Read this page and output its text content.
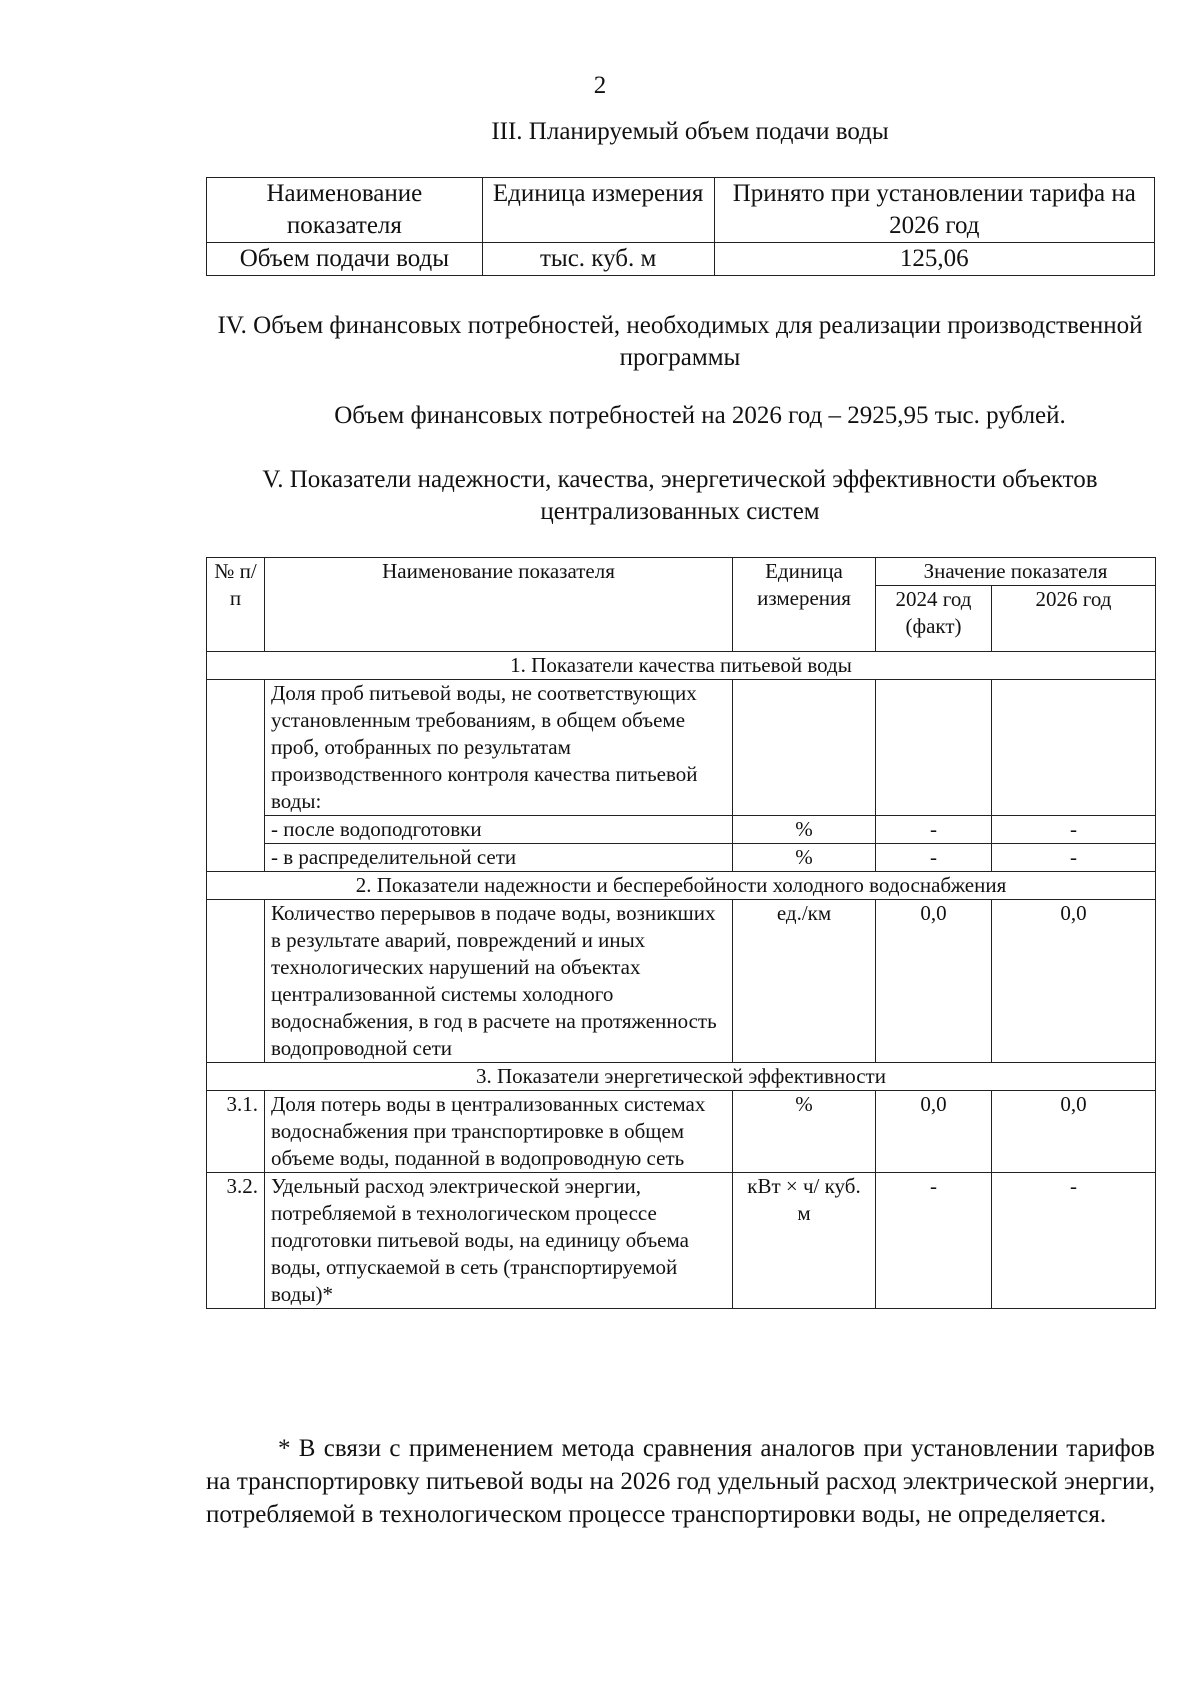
2
III. Планируемый объем подачи воды
Наименование показателя	Единица измерения	Принято при установлении тарифа на 2026 год
Объем подачи воды	тыс. куб. м	125,06
IV. Объем финансовых потребностей, необходимых для реализации производственной программы
Объем финансовых потребностей на 2026 год – 2925,95 тыс. рублей.
V. Показатели надежности, качества, энергетической эффективности объектов централизованных систем
№ п/п	Наименование показателя	Единица измерения	Значение показателя	
			2024 год (факт)	2026 год
1. Показатели качества питьевой воды				
	Доля проб питьевой воды, не соответствующих установленным требованиям, в общем объеме проб, отобранных по результатам производственного контроля качества питьевой воды:			
	- после водоподготовки	%	-	-
	- в распределительной сети	%	-	-
2. Показатели надежности и бесперебойности холодного водоснабжения				
	Количество перерывов в подаче воды, возникших в результате аварий, повреждений и иных технологических нарушений на объектах централизованной системы холодного водоснабжения, в год в расчете на протяженность водопроводной сети	ед./км	0,0	0,0
3. Показатели энергетической эффективности				
3.1.	Доля потерь воды в централизованных системах водоснабжения при транспортировке в общем объеме воды, поданной в водопроводную сеть	%	0,0	0,0
3.2.	Удельный расход электрической энергии, потребляемой в технологическом процессе подготовки питьевой воды, на единицу объема воды, отпускаемой в сеть (транспортируемой воды)*	кВт × ч/ куб. м	-	-

* В связи с применением метода сравнения аналогов при установлении тарифов на транспортировку питьевой воды на 2026 год удельный расход электрической энергии, потребляемой в технологическом процессе транспортировки воды, не определяется.
